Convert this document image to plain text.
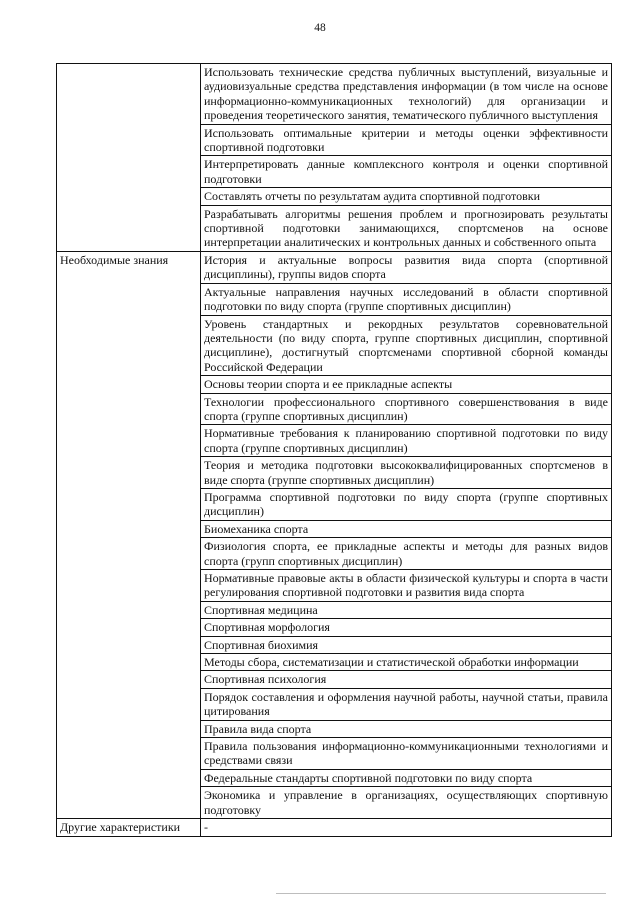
48
	Использовать технические средства публичных выступлений, визуальные и аудиовизуальные средства представления информации (в том числе на основе информационно-коммуникационных технологий) для организации и проведения теоретического занятия, тематического публичного выступления
	Использовать оптимальные критерии и методы оценки эффективности спортивной подготовки
	Интерпретировать данные комплексного контроля и оценки спортивной подготовки
	Составлять отчеты по результатам аудита спортивной подготовки
	Разрабатывать алгоритмы решения проблем и прогнозировать результаты спортивной подготовки занимающихся, спортсменов на основе интерпретации аналитических и контрольных данных и собственного опыта
Необходимые знания	История и актуальные вопросы развития вида спорта (спортивной дисциплины), группы видов спорта
	Актуальные направления научных исследований в области спортивной подготовки по виду спорта (группе спортивных дисциплин)
	Уровень стандартных и рекордных результатов соревновательной деятельности (по виду спорта, группе спортивных дисциплин, спортивной дисциплине), достигнутый спортсменами спортивной сборной команды Российской Федерации
	Основы теории спорта и ее прикладные аспекты
	Технологии профессионального спортивного совершенствования в виде спорта (группе спортивных дисциплин)
	Нормативные требования к планированию спортивной подготовки по виду спорта (группе спортивных дисциплин)
	Теория и методика подготовки высококвалифицированных спортсменов в виде спорта (группе спортивных дисциплин)
	Программа спортивной подготовки по виду спорта (группе спортивных дисциплин)
	Биомеханика спорта
	Физиология спорта, ее прикладные аспекты и методы для разных видов спорта (групп спортивных дисциплин)
	Нормативные правовые акты в области физической культуры и спорта в части регулирования спортивной подготовки и развития вида спорта
	Спортивная медицина
	Спортивная морфология
	Спортивная биохимия
	Методы сбора, систематизации и статистической обработки информации
	Спортивная психология
	Порядок составления и оформления научной работы, научной статьи, правила цитирования
	Правила вида спорта
	Правила пользования информационно-коммуникационными технологиями и средствами связи
	Федеральные стандарты спортивной подготовки по виду спорта
	Экономика и управление в организациях, осуществляющих спортивную подготовку
Другие характеристики	-
